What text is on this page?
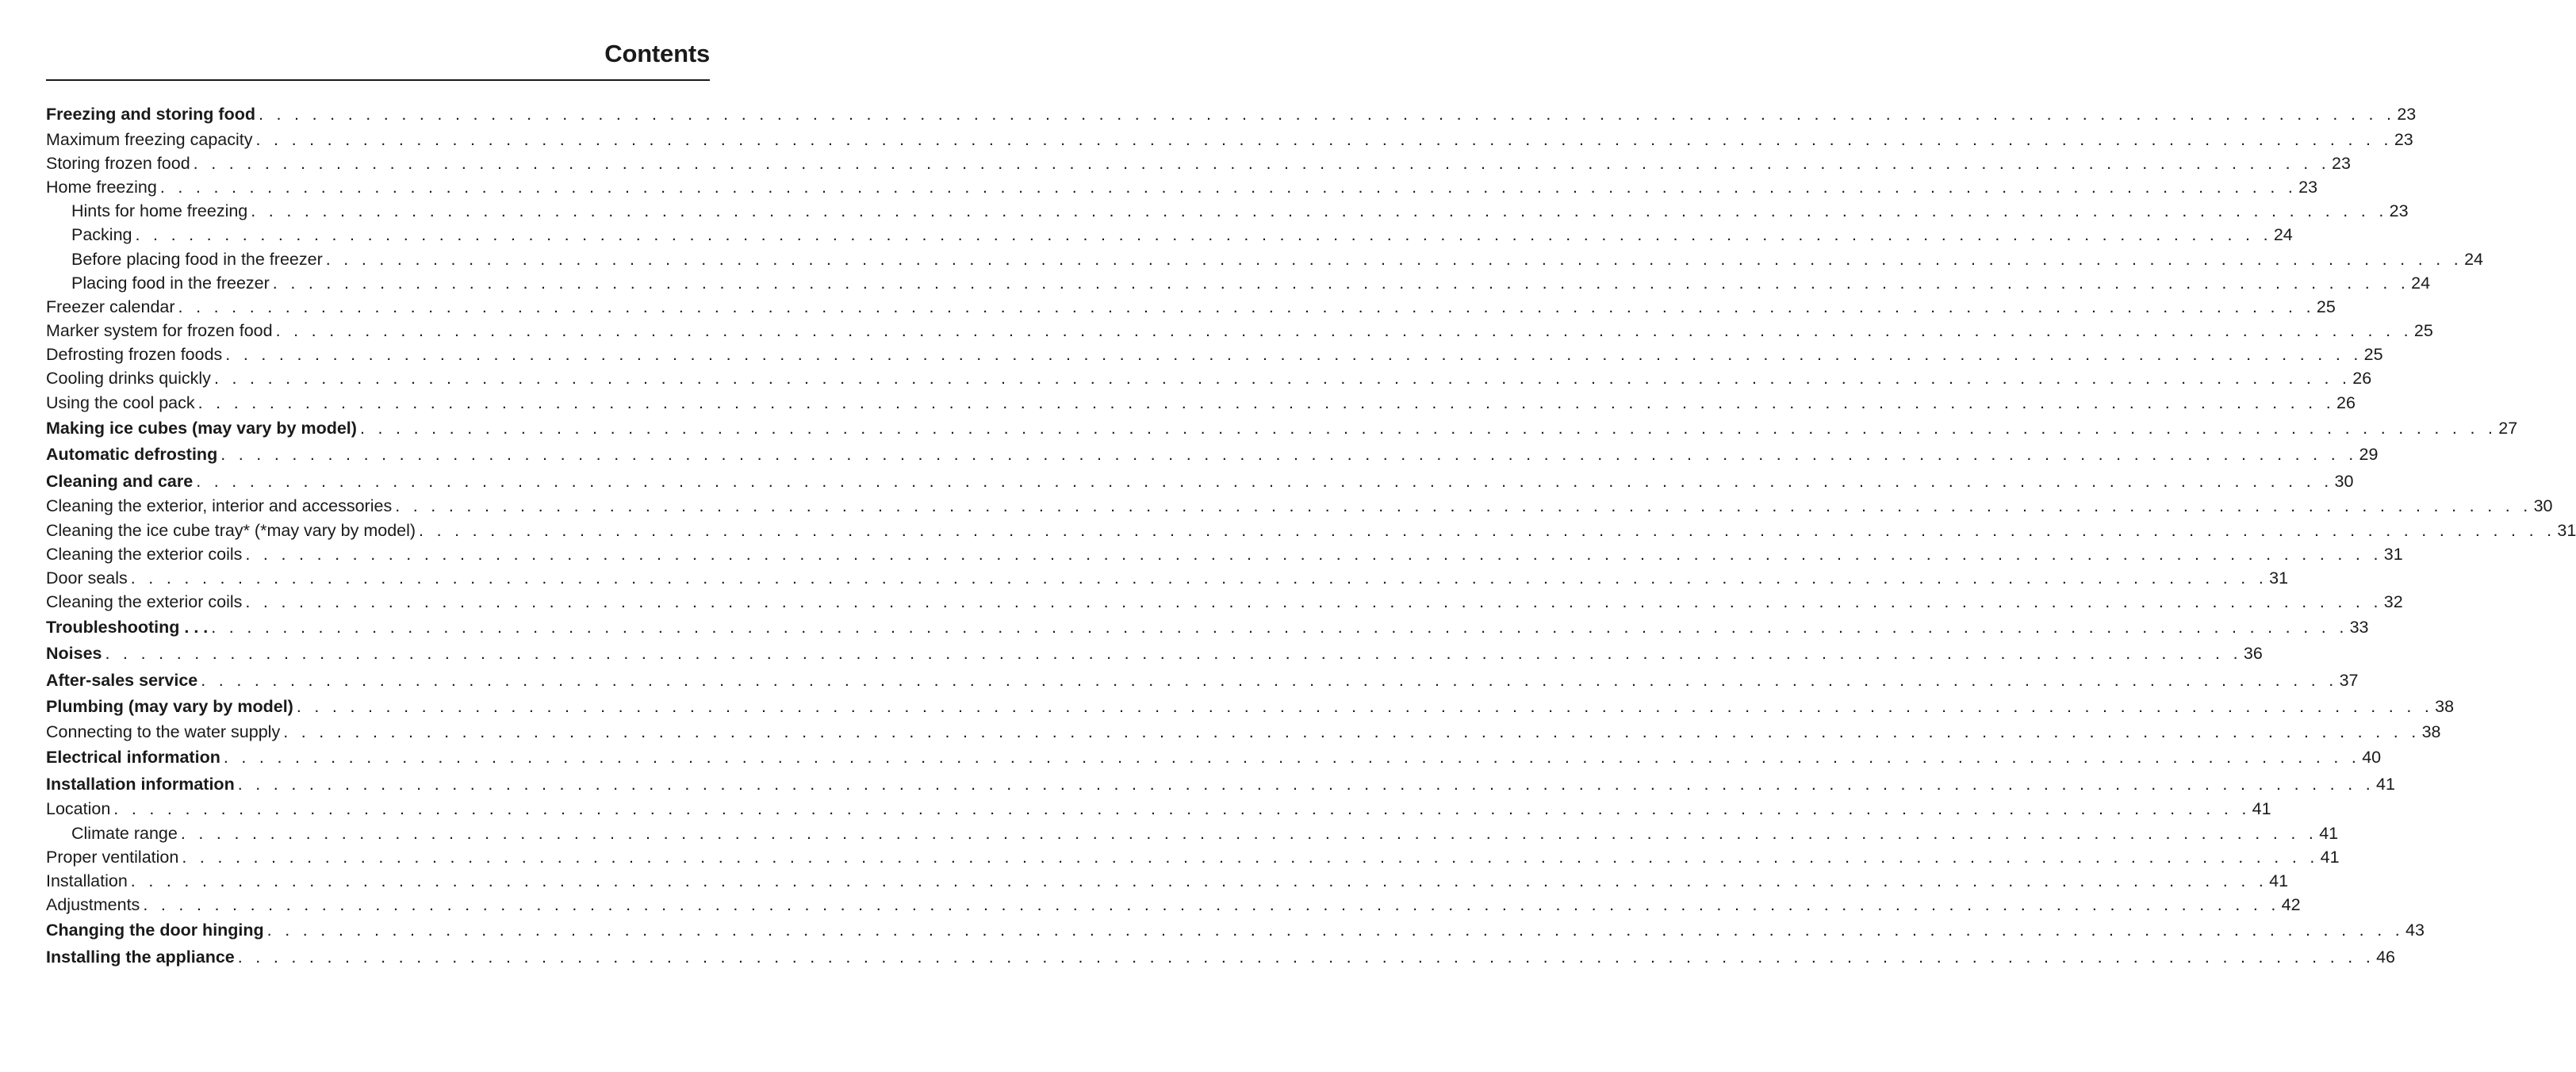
Contents
Freezing and storing food . . . . . . . . . . . . . . . . . . . . . . . . . . . . . . . . . . . . . . . . . . . . . . . . . . . . . . . . . . . . . . . . . . . . . . . . . . . . . . . . . . . . . . . . . . . . . . . . . . . . . . . . . . . . . . . . . . . . . . . . 23
Maximum freezing capacity . . . . . . . . . . . . . . . . . . . . . . . . . . . . . . . . . . . . . . . . . . . . . . . . . . . . . . . . . . . . . . . . . . . . . . . . . . . . . . . . . . . . . . . . . . . . . . . . . . . . . . . . . . . . . . . . . . . . . . . . 23
Storing frozen food . . . . . . . . . . . . . . . . . . . . . . . . . . . . . . . . . . . . . . . . . . . . . . . . . . . . . . . . . . . . . . . . . . . . . . . . . . . . . . . . . . . . . . . . . . . . . . . . . . . . . . . . . . . . . . . . . . . . . . . . 23
Home freezing . . . . . . . . . . . . . . . . . . . . . . . . . . . . . . . . . . . . . . . . . . . . . . . . . . . . . . . . . . . . . . . . . . . . . . . . . . . . . . . . . . . . . . . . . . . . . . . . . . . . . . . . . . . . . . . . . . . . . . . . 23
Hints for home freezing . . . . . . . . . . . . . . . . . . . . . . . . . . . . . . . . . . . . . . . . . . . . . . . . . . . . . . . . . . . . . . . . . . . . . . . . . . . . . . . . . . . . . . . . . . . . . . . . . . . . . . . . . . . . . . . . . . . . . . . . 23
Packing . . . . . . . . . . . . . . . . . . . . . . . . . . . . . . . . . . . . . . . . . . . . . . . . . . . . . . . . . . . . . . . . . . . . . . . . . . . . . . . . . . . . . . . . . . . . . . . . . . . . . . . . . . . . . . . . . . . . . . . . 24
Before placing food in the freezer . . . . . . . . . . . . . . . . . . . . . . . . . . . . . . . . . . . . . . . . . . . . . . . . . . . . . . . . . . . . . . . . . . . . . . . . . . . . . . . . . . . . . . . . . . . . . . . . . . . . . . . . . . . . . . . . . . . . . . . . 24
Placing food in the freezer . . . . . . . . . . . . . . . . . . . . . . . . . . . . . . . . . . . . . . . . . . . . . . . . . . . . . . . . . . . . . . . . . . . . . . . . . . . . . . . . . . . . . . . . . . . . . . . . . . . . . . . . . . . . . . . . . . . . . . . . 24
Freezer calendar . . . . . . . . . . . . . . . . . . . . . . . . . . . . . . . . . . . . . . . . . . . . . . . . . . . . . . . . . . . . . . . . . . . . . . . . . . . . . . . . . . . . . . . . . . . . . . . . . . . . . . . . . . . . . . . . . . . . . . . . 25
Marker system for frozen food . . . . . . . . . . . . . . . . . . . . . . . . . . . . . . . . . . . . . . . . . . . . . . . . . . . . . . . . . . . . . . . . . . . . . . . . . . . . . . . . . . . . . . . . . . . . . . . . . . . . . . . . . . . . . . . . . . . . . . . . 25
Defrosting frozen foods . . . . . . . . . . . . . . . . . . . . . . . . . . . . . . . . . . . . . . . . . . . . . . . . . . . . . . . . . . . . . . . . . . . . . . . . . . . . . . . . . . . . . . . . . . . . . . . . . . . . . . . . . . . . . . . . . . . . . . . . 25
Cooling drinks quickly . . . . . . . . . . . . . . . . . . . . . . . . . . . . . . . . . . . . . . . . . . . . . . . . . . . . . . . . . . . . . . . . . . . . . . . . . . . . . . . . . . . . . . . . . . . . . . . . . . . . . . . . . . . . . . . . . . . . . . . . 26
Using the cool pack . . . . . . . . . . . . . . . . . . . . . . . . . . . . . . . . . . . . . . . . . . . . . . . . . . . . . . . . . . . . . . . . . . . . . . . . . . . . . . . . . . . . . . . . . . . . . . . . . . . . . . . . . . . . . . . . . . . . . . . . 26
Making ice cubes (may vary by model) . . . . . . . . . . . . . . . . . . . . . . . . . . . . . . . . . . . . . . . . . . . . . . . . . . . . . . . . . . . . . . . . . . . . . . . . . . . . . . . . . . . . . . . . . . . . . . . . . . . . . . . . . . . . . . . . . . . . . . . . 27
Automatic defrosting . . . . . . . . . . . . . . . . . . . . . . . . . . . . . . . . . . . . . . . . . . . . . . . . . . . . . . . . . . . . . . . . . . . . . . . . . . . . . . . . . . . . . . . . . . . . . . . . . . . . . . . . . . . . . . . . . . . . . . . . 29
Cleaning and care . . . . . . . . . . . . . . . . . . . . . . . . . . . . . . . . . . . . . . . . . . . . . . . . . . . . . . . . . . . . . . . . . . . . . . . . . . . . . . . . . . . . . . . . . . . . . . . . . . . . . . . . . . . . . . . . . . . . . . . . 30
Cleaning the exterior, interior and accessories . . . . . . . . . . . . . . . . . . . . . . . . . . . . . . . . . . . . . . . . . . . . . . . . . . . . . . . . . . . . . . . . . . . . . . . . . . . . . . . . . . . . . . . . . . . . . . . . . . . . . . . . . . . . . . . . . . . . . . . . 30
Cleaning the ice cube tray* (*may vary by model) . . . . . . . . . . . . . . . . . . . . . . . . . . . . . . . . . . . . . . . . . . . . . . . . . . . . . . . . . . . . . . . . . . . . . . . . . . . . . . . . . . . . . . . . . . . . . . . . . . . . . . . . . . . . . . . . . . . . . . . . 31
Cleaning the exterior coils . . . . . . . . . . . . . . . . . . . . . . . . . . . . . . . . . . . . . . . . . . . . . . . . . . . . . . . . . . . . . . . . . . . . . . . . . . . . . . . . . . . . . . . . . . . . . . . . . . . . . . . . . . . . . . . . . . . . . . . . 31
Door seals . . . . . . . . . . . . . . . . . . . . . . . . . . . . . . . . . . . . . . . . . . . . . . . . . . . . . . . . . . . . . . . . . . . . . . . . . . . . . . . . . . . . . . . . . . . . . . . . . . . . . . . . . . . . . . . . . . . . . . . . 31
Cleaning the exterior coils . . . . . . . . . . . . . . . . . . . . . . . . . . . . . . . . . . . . . . . . . . . . . . . . . . . . . . . . . . . . . . . . . . . . . . . . . . . . . . . . . . . . . . . . . . . . . . . . . . . . . . . . . . . . . . . . . . . . . . . . 32
Troubleshooting . . . . . . . . . . . . . . . . . . . . . . . . . . . . . . . . . . . . . . . . . . . . . . . . . . . . . . . . . . . . . . . . . . . . . . . . . . . . . . . . . . . . . . . . . . . . . . . . . . . . . . . . . . . . . . . . . . . . . . . . . . . 33
Noises . . . . . . . . . . . . . . . . . . . . . . . . . . . . . . . . . . . . . . . . . . . . . . . . . . . . . . . . . . . . . . . . . . . . . . . . . . . . . . . . . . . . . . . . . . . . . . . . . . . . . . . . . . . . . . . . . . . . . . . . 36
After-sales service . . . . . . . . . . . . . . . . . . . . . . . . . . . . . . . . . . . . . . . . . . . . . . . . . . . . . . . . . . . . . . . . . . . . . . . . . . . . . . . . . . . . . . . . . . . . . . . . . . . . . . . . . . . . . . . . . . . . . . . . 37
Plumbing (may vary by model) . . . . . . . . . . . . . . . . . . . . . . . . . . . . . . . . . . . . . . . . . . . . . . . . . . . . . . . . . . . . . . . . . . . . . . . . . . . . . . . . . . . . . . . . . . . . . . . . . . . . . . . . . . . . . . . . . . . . . . . . 38
Connecting to the water supply . . . . . . . . . . . . . . . . . . . . . . . . . . . . . . . . . . . . . . . . . . . . . . . . . . . . . . . . . . . . . . . . . . . . . . . . . . . . . . . . . . . . . . . . . . . . . . . . . . . . . . . . . . . . . . . . . . . . . . . . 38
Electrical information . . . . . . . . . . . . . . . . . . . . . . . . . . . . . . . . . . . . . . . . . . . . . . . . . . . . . . . . . . . . . . . . . . . . . . . . . . . . . . . . . . . . . . . . . . . . . . . . . . . . . . . . . . . . . . . . . . . . . . . . 40
Installation information . . . . . . . . . . . . . . . . . . . . . . . . . . . . . . . . . . . . . . . . . . . . . . . . . . . . . . . . . . . . . . . . . . . . . . . . . . . . . . . . . . . . . . . . . . . . . . . . . . . . . . . . . . . . . . . . . . . . . . . . 41
Location . . . . . . . . . . . . . . . . . . . . . . . . . . . . . . . . . . . . . . . . . . . . . . . . . . . . . . . . . . . . . . . . . . . . . . . . . . . . . . . . . . . . . . . . . . . . . . . . . . . . . . . . . . . . . . . . . . . . . . . . 41
Climate range . . . . . . . . . . . . . . . . . . . . . . . . . . . . . . . . . . . . . . . . . . . . . . . . . . . . . . . . . . . . . . . . . . . . . . . . . . . . . . . . . . . . . . . . . . . . . . . . . . . . . . . . . . . . . . . . . . . . . . . . 41
Proper ventilation . . . . . . . . . . . . . . . . . . . . . . . . . . . . . . . . . . . . . . . . . . . . . . . . . . . . . . . . . . . . . . . . . . . . . . . . . . . . . . . . . . . . . . . . . . . . . . . . . . . . . . . . . . . . . . . . . . . . . . . . 41
Installation . . . . . . . . . . . . . . . . . . . . . . . . . . . . . . . . . . . . . . . . . . . . . . . . . . . . . . . . . . . . . . . . . . . . . . . . . . . . . . . . . . . . . . . . . . . . . . . . . . . . . . . . . . . . . . . . . . . . . . . . 41
Adjustments . . . . . . . . . . . . . . . . . . . . . . . . . . . . . . . . . . . . . . . . . . . . . . . . . . . . . . . . . . . . . . . . . . . . . . . . . . . . . . . . . . . . . . . . . . . . . . . . . . . . . . . . . . . . . . . . . . . . . . . . 42
Changing the door hinging . . . . . . . . . . . . . . . . . . . . . . . . . . . . . . . . . . . . . . . . . . . . . . . . . . . . . . . . . . . . . . . . . . . . . . . . . . . . . . . . . . . . . . . . . . . . . . . . . . . . . . . . . . . . . . . . . . . . . . . . 43
Installing the appliance . . . . . . . . . . . . . . . . . . . . . . . . . . . . . . . . . . . . . . . . . . . . . . . . . . . . . . . . . . . . . . . . . . . . . . . . . . . . . . . . . . . . . . . . . . . . . . . . . . . . . . . . . . . . . . . . . . . . . . . . 46
